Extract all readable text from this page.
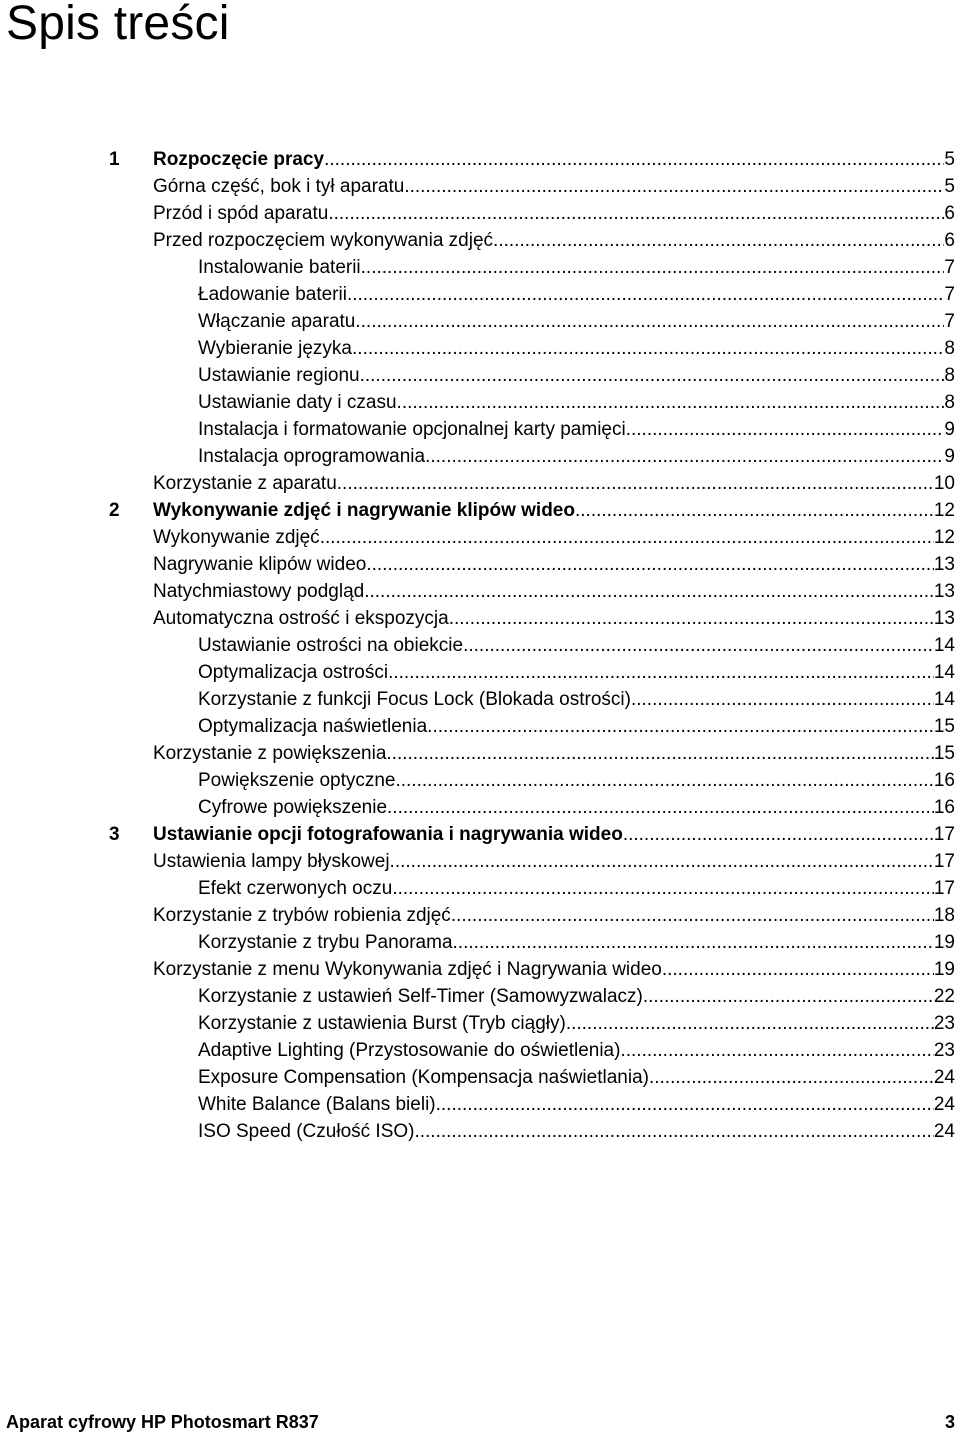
Spis treści
1 Rozpoczęcie pracy .....	5
Górna część, bok i tył aparatu .....	5
Przód i spód aparatu .....	6
Przed rozpoczęciem wykonywania zdjęć .....	6
Instalowanie baterii .....	7
Ładowanie baterii .....	7
Włączanie aparatu .....	7
Wybieranie języka .....	8
Ustawianie regionu .....	8
Ustawianie daty i czasu .....	8
Instalacja i formatowanie opcjonalnej karty pamięci .....	9
Instalacja oprogramowania .....	9
Korzystanie z aparatu .....	10
2 Wykonywanie zdjęć i nagrywanie klipów wideo .....	12
Wykonywanie zdjęć .....	12
Nagrywanie klipów wideo .....	13
Natychmiastowy podgląd .....	13
Automatyczna ostrość i ekspozycja .....	13
Ustawianie ostrości na obiekcie .....	14
Optymalizacja ostrości .....	14
Korzystanie z funkcji Focus Lock (Blokada ostrości) .....	14
Optymalizacja naświetlenia .....	15
Korzystanie z powiększenia .....	15
Powiększenie optyczne .....	16
Cyfrowe powiększenie .....	16
3 Ustawianie opcji fotografowania i nagrywania wideo .....	17
Ustawienia lampy błyskowej .....	17
Efekt czerwonych oczu .....	17
Korzystanie z trybów robienia zdjęć .....	18
Korzystanie z trybu Panorama .....	19
Korzystanie z menu Wykonywania zdjęć i Nagrywania wideo .....	19
Korzystanie z ustawień Self-Timer (Samowyzwalacz) .....	22
Korzystanie z ustawienia Burst (Tryb ciągły) .....	23
Adaptive Lighting (Przystosowanie do oświetlenia) .....	23
Exposure Compensation (Kompensacja naświetlania) .....	24
White Balance (Balans bieli) .....	24
ISO Speed (Czułość ISO) .....	24
Aparat cyfrowy HP Photosmart R837	3
